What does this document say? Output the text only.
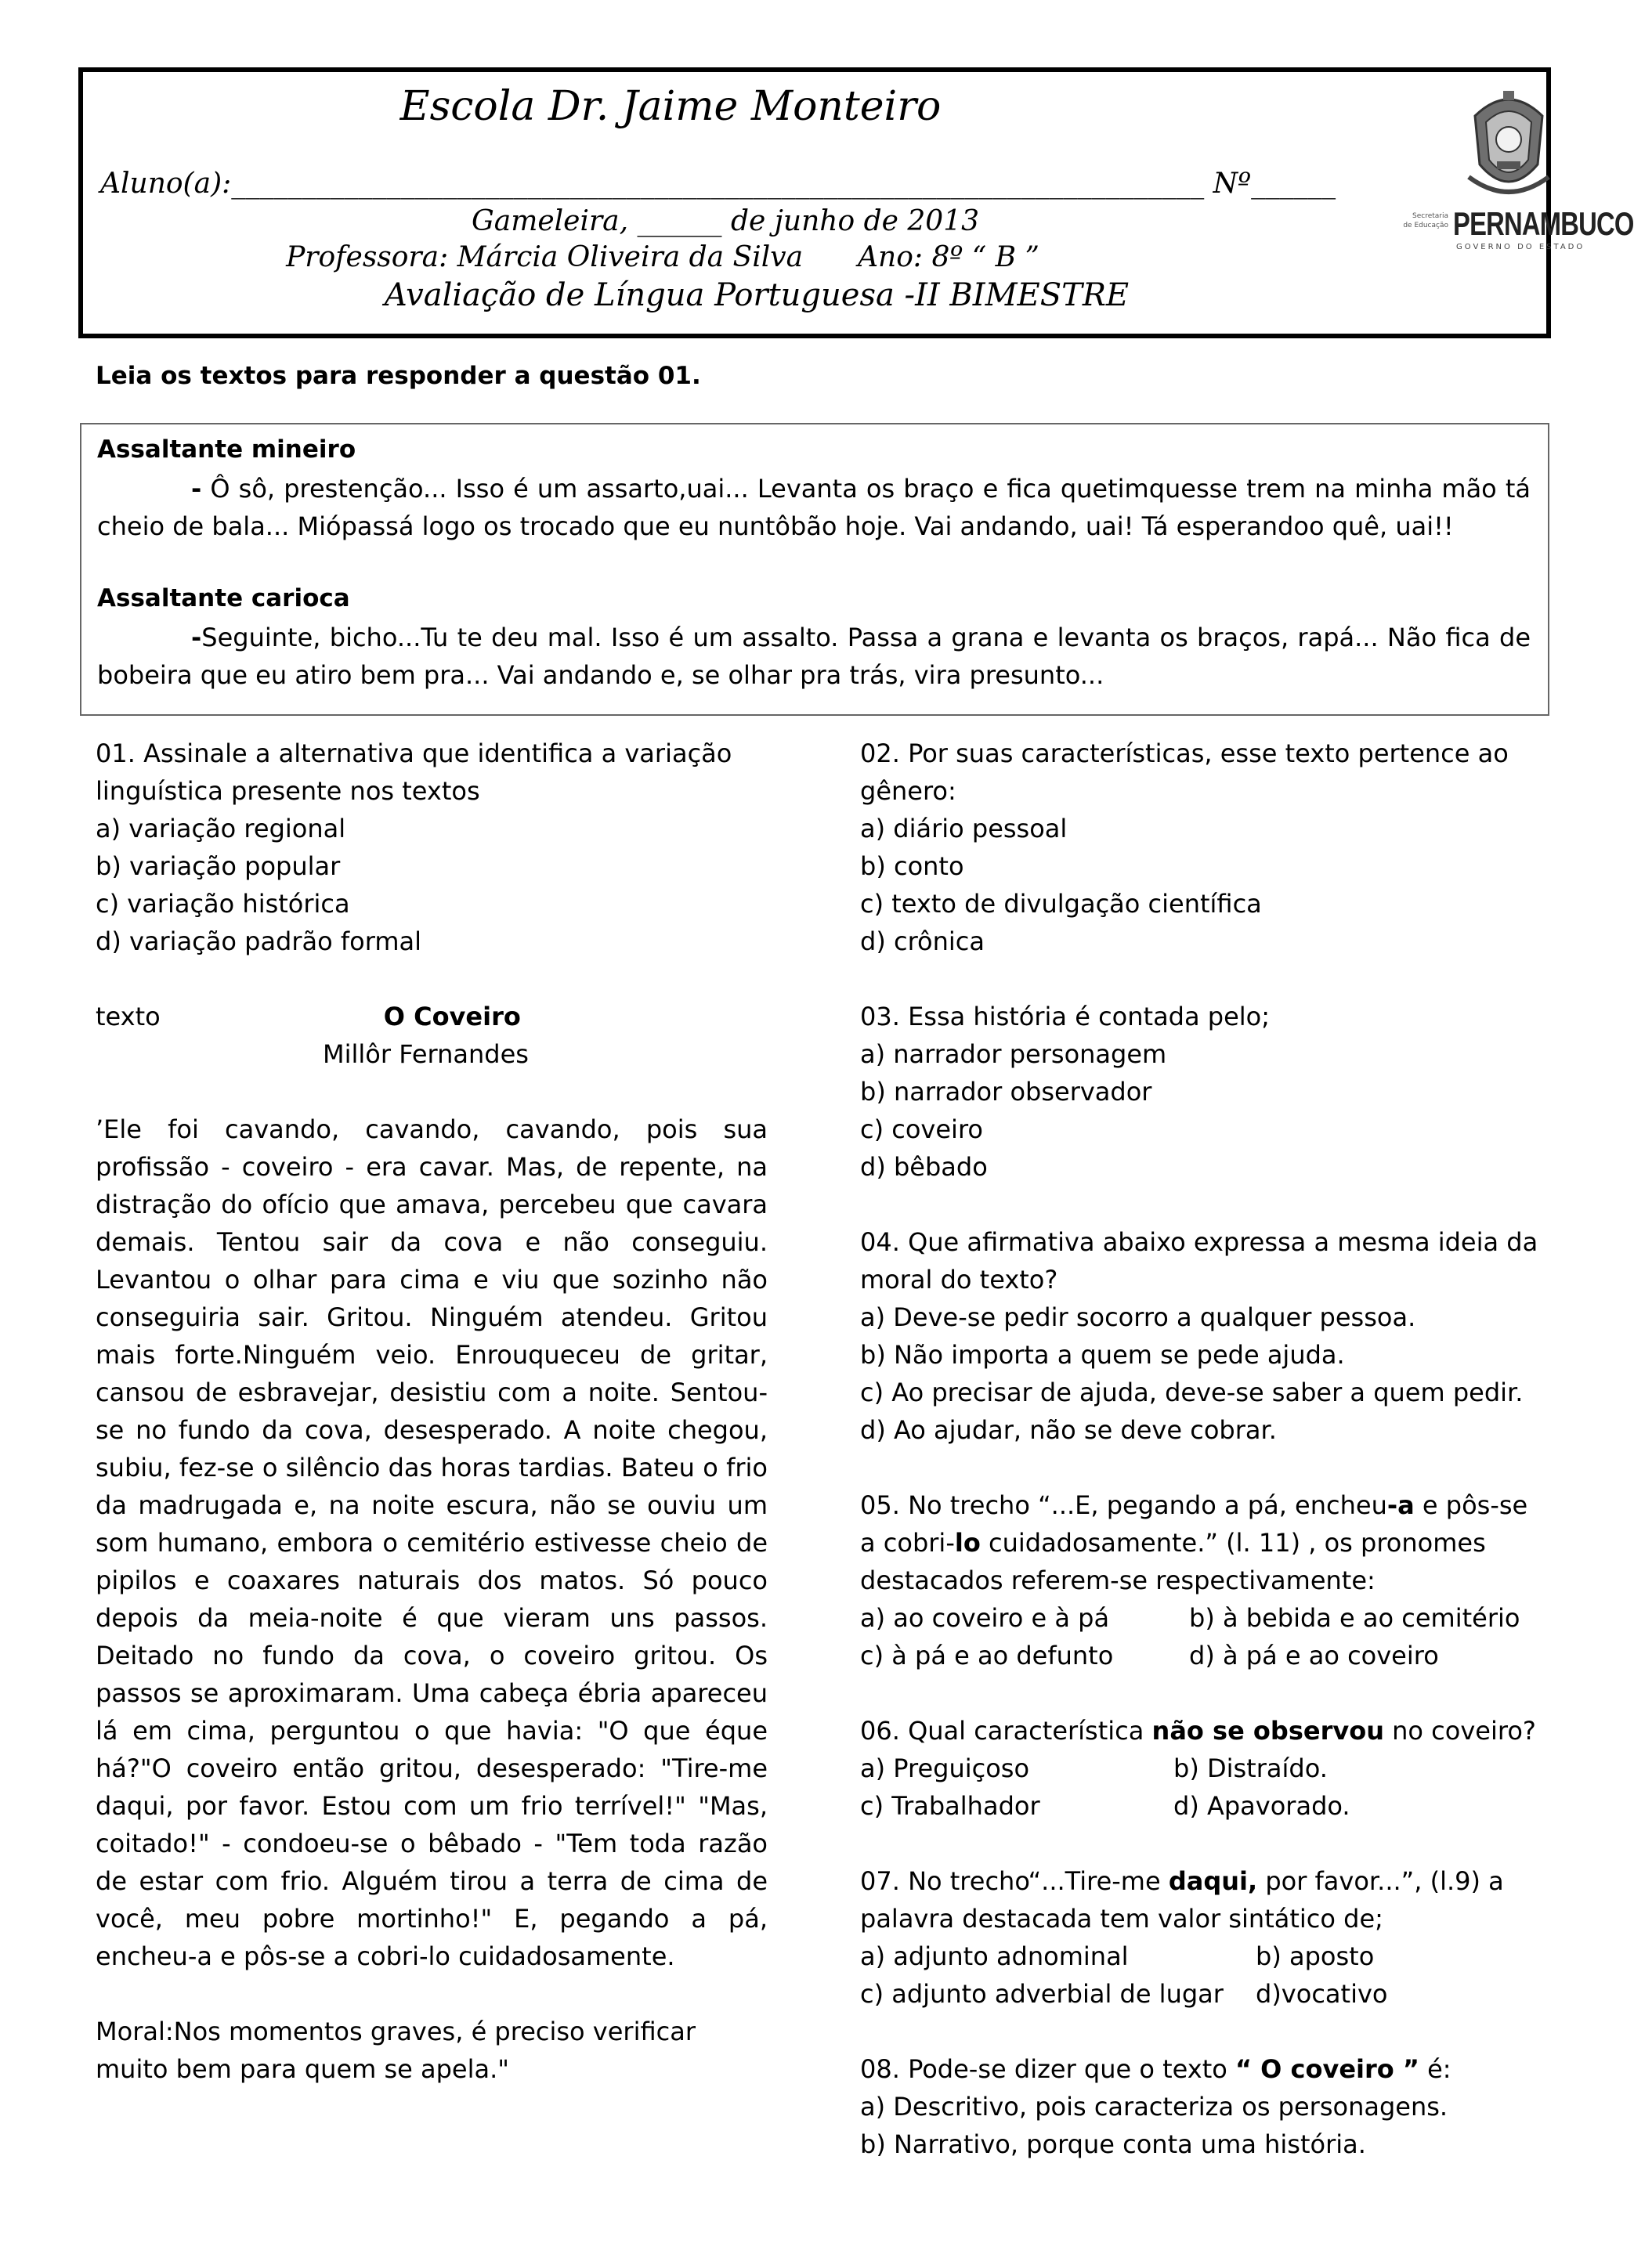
Escola Dr. Jaime Monteiro
Aluno(a):_____________________________________________________________________ Nº______
Gameleira, ______ de junho de 2013
Professora: Márcia Oliveira da Silva Ano: 8º “ B ”
Avaliação de Língua Portuguesa -II BIMESTRE
Secretaria de Educação PERNAMBUCO
GOVERNO DO ESTADO
Leia os textos para responder a questão 01.
Assaltante mineiro
- Ô sô, prestenção... Isso é um assarto,uai... Levanta os braço e fica quetimquesse trem na minha mão tá cheio de bala... Miópassá logo os trocado que eu nuntôbão hoje. Vai andando, uai! Tá esperandoo quê, uai!!
Assaltante carioca
-Seguinte, bicho...Tu te deu mal. Isso é um assalto. Passa a grana e levanta os braços, rapá... Não fica de bobeira que eu atiro bem pra... Vai andando e, se olhar pra trás, vira presunto...
01. Assinale a alternativa que identifica a variação
linguística presente nos textos
a) variação regional
b) variação popular
c) variação histórica
d) variação padrão formal
texto	O Coveiro
Millôr Fernandes
’Ele foi cavando, cavando, cavando, pois sua profissão - coveiro - era cavar. Mas, de repente, na distração do ofício que amava, percebeu que cavara demais. Tentou sair da cova e não conseguiu. Levantou o olhar para cima e viu que sozinho não conseguiria sair. Gritou. Ninguém atendeu. Gritou mais forte.Ninguém veio. Enrouqueceu de gritar, cansou de esbravejar, desistiu com a noite. Sentou-se no fundo da cova, desesperado. A noite chegou, subiu, fez-se o silêncio das horas tardias. Bateu o frio da madrugada e, na noite escura, não se ouviu um som humano, embora o cemitério estivesse cheio de pipilos e coaxares naturais dos matos. Só pouco depois da meia-noite é que vieram uns passos. Deitado no fundo da cova, o coveiro gritou. Os passos se aproximaram. Uma cabeça ébria apareceu lá em cima, perguntou o que havia: "O que éque há?"O coveiro então gritou, desesperado: "Tire-me daqui, por favor. Estou com um frio terrível!" "Mas, coitado!" - condoeu-se o bêbado - "Tem toda razão de estar com frio. Alguém tirou a terra de cima de você, meu pobre mortinho!" E, pegando a pá, encheu-a e pôs-se a cobri-lo cuidadosamente.
Moral:Nos momentos graves, é preciso verificar
muito bem para quem se apela."
02. Por suas características, esse texto pertence ao
gênero:
a) diário pessoal
b) conto
c) texto de divulgação científica
d) crônica
03. Essa história é contada pelo;
a) narrador personagem
b) narrador observador
c) coveiro
d) bêbado
04. Que afirmativa abaixo expressa a mesma ideia da
moral do texto?
a) Deve-se pedir socorro a qualquer pessoa.
b) Não importa a quem se pede ajuda.
c) Ao precisar de ajuda, deve-se saber a quem pedir.
d) Ao ajudar, não se deve cobrar.
05. No trecho “...E, pegando a pá, encheu-a e pôs-se
a cobri-lo cuidadosamente.” (l. 11) , os pronomes
destacados referem-se respectivamente:
a) ao coveiro e à pá	b) à bebida e ao cemitério
c) à pá e ao defunto	d) à pá e ao coveiro
06. Qual característica não se observou no coveiro?
a) Preguiçoso	b) Distraído.
c) Trabalhador	d) Apavorado.
07. No trecho“...Tire-me daqui, por favor...”, (l.9) a
palavra destacada tem valor sintático de;
a) adjunto adnominal	b) aposto
c) adjunto adverbial de lugar	d)vocativo
08. Pode-se dizer que o texto “ O coveiro ” é:
a) Descritivo, pois caracteriza os personagens.
b) Narrativo, porque conta uma história.
